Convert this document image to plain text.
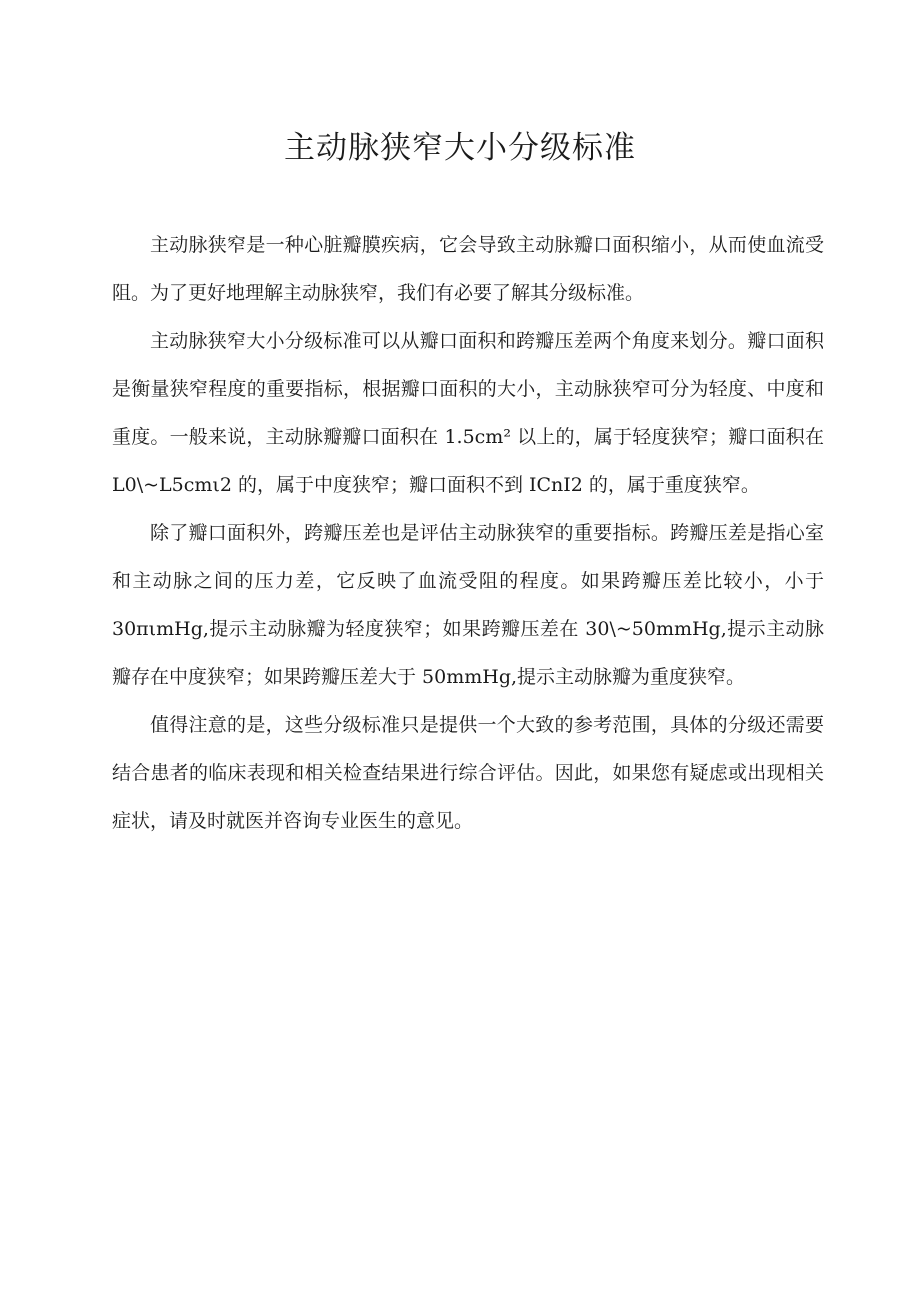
主动脉狭窄大小分级标准

主动脉狭窄是一种心脏瓣膜疾病，它会导致主动脉瓣口面积缩小，从而使血流受阻。为了更好地理解主动脉狭窄，我们有必要了解其分级标准。

主动脉狭窄大小分级标准可以从瓣口面积和跨瓣压差两个角度来划分。瓣口面积是衡量狭窄程度的重要指标，根据瓣口面积的大小，主动脉狭窄可分为轻度、中度和重度。一般来说，主动脉瓣瓣口面积在 1.5cm² 以上的，属于轻度狭窄；瓣口面积在 L0\~L5cmι2 的，属于中度狭窄；瓣口面积不到 ICnI2 的，属于重度狭窄。

除了瓣口面积外，跨瓣压差也是评估主动脉狭窄的重要指标。跨瓣压差是指心室和主动脉之间的压力差，它反映了血流受阻的程度。如果跨瓣压差比较小，小于 30πιmHg,提示主动脉瓣为轻度狭窄；如果跨瓣压差在 30\~50mmHg,提示主动脉瓣存在中度狭窄；如果跨瓣压差大于 50mmHg,提示主动脉瓣为重度狭窄。

值得注意的是，这些分级标准只是提供一个大致的参考范围，具体的分级还需要结合患者的临床表现和相关检查结果进行综合评估。因此，如果您有疑虑或出现相关症状，请及时就医并咨询专业医生的意见。
